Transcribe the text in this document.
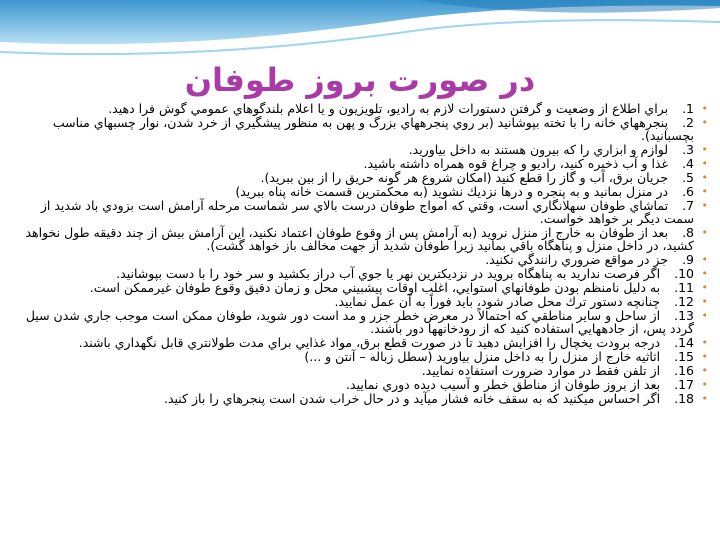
در صورت بروز طوفان
•
1.براي اطلاع از وضعيت و گرفتن دستورات لازم به راديو، تلويزيون و يا اعلام بلندگوهاي عمومي گوش فرا دهيد.
•
2.پنجرههاي خانه را با تخته بپوشانيد (بر روي پنجرههاي بزرگ و پهن به منظور پيشگيري از خرد شدن، نوار چسبهاي مناسب بچسبانيد).
•
3.لوازم و ابزاري را كه بيرون هستند به داخل بياوريد.
•
4.غذا و آب ذخيره كنيد، راديو و چراغ قوه همراه داشته باشيد.
•
5.جريان برق، آب و گاز را قطع كنيد (امكان شروع هر گونه حريق را از بين ببريد).
•
6.در منزل بمانيد و به پنجره و درها نزديك نشويد (به محكمترين قسمت خانه پناه ببريد)
•
7.تماشاي طوفان سهلانگاري است، وقتي كه امواج طوفان درست بالاي سر شماست مرحله آرامش است بزودي باد شديد از سمت ديگر بر خواهد خواست.
•
8.بعد از طوفان به خارج از منزل نرويد (به آرامش پس از وقوع طوفان اعتماد نكنيد، اين آرامش بيش از چند دقيقه طول نخواهد كشيد، در داخل منزل و پناهگاه باقي بمانيد زيرا طوفان شديد از جهت مخالف باز خواهد گشت).
•
9.جز در مواقع ضروري رانندگي نكنيد.
•
10.اگر فرصت نداريد به پناهگاه برويد در نزديكترين نهر يا جوي آب دراز بكشيد و سر خود را با دست بپوشانيد.
•
11.به دليل نامنظم بودن طوفانهاي استوايي، اغلب اوقات پيشبيني محل و زمان دقيق وقوع طوفان غيرممكن است.
•
12.چنانچه دستور ترك محل صادر شود، بايد فوراً به آن عمل نماييد.
•
13.از ساحل و ساير مناطقي كه احتمالاً در معرض خطر جزر و مد است دور شويد، طوفان ممكن است موجب جاري شدن سيل گردد پس، از جادههايي استفاده كنيد كه از رودخانهها دور باشند.
•
14.درجه برودت يخچال را افزايش دهيد تا در صورت قطع برق، مواد غذايي براي مدت طولانتري قابل نگهداري باشند.
•
15.اثاثيه خارج از منزل را به داخل منزل بياوريد (سطل زباله – آنتن و ...)
•
16.از تلفن فقط در موارد ضرورت استفاده نماييد.
•
17.بعد از بروز طوفان از مناطق خطر و آسيب ديده دوري نماييد.
•
18.اگر احساس ميكنيد كه به سقف خانه فشار ميآيد و در حال خراب شدن است پنجرهاي را باز كنيد.
